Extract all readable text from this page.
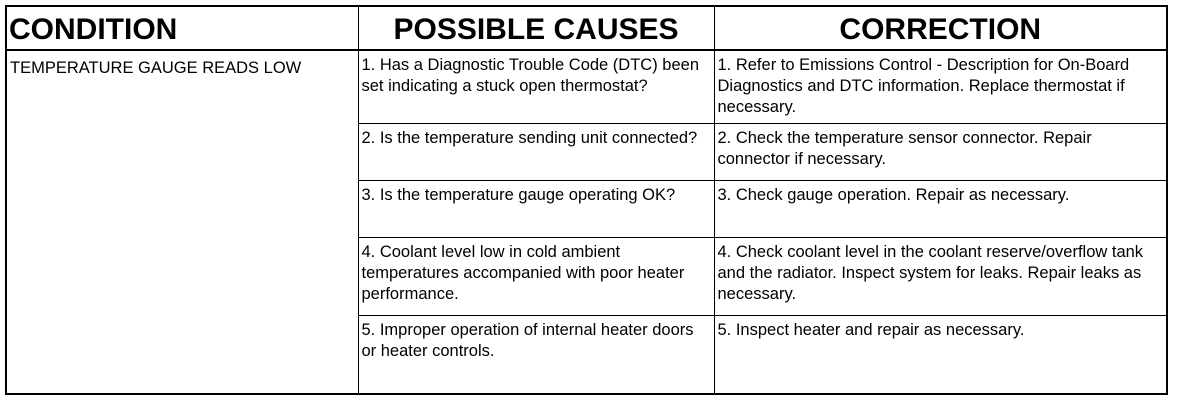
CONDITION	POSSIBLE CAUSES	CORRECTION
TEMPERATURE GAUGE READS LOW	1. Has a Diagnostic Trouble Code (DTC) been set indicating a stuck open thermostat?	1. Refer to Emissions Control - Description for On-Board Diagnostics and DTC information. Replace thermostat if necessary.
	2. Is the temperature sending unit connected?	2. Check the temperature sensor connector. Repair connector if necessary.
	3. Is the temperature gauge operating OK?	3. Check gauge operation. Repair as necessary.
	4. Coolant level low in cold ambient temperatures accompanied with poor heater performance.	4. Check coolant level in the coolant reserve/overflow tank and the radiator. Inspect system for leaks. Repair leaks as necessary.
	5. Improper operation of internal heater doors or heater controls.	5. Inspect heater and repair as necessary.
